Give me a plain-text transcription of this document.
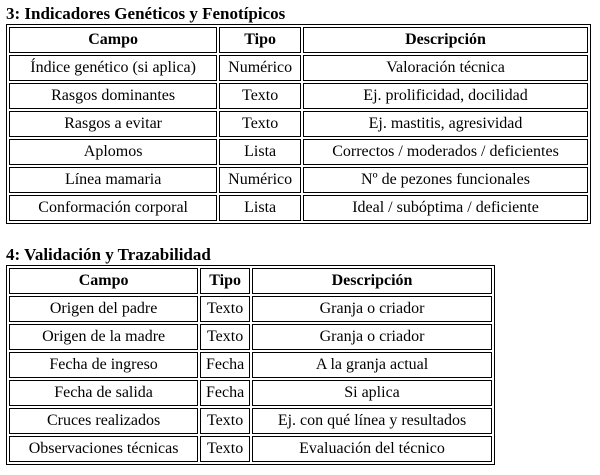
3: Indicadores Genéticos y Fenotípicos
Campo	Tipo	Descripción
Índice genético (si aplica)	Numérico	Valoración técnica
Rasgos dominantes	Texto	Ej. prolificidad, docilidad
Rasgos a evitar	Texto	Ej. mastitis, agresividad
Aplomos	Lista	Correctos / moderados / deficientes
Línea mamaria	Numérico	Nº de pezones funcionales
Conformación corporal	Lista	Ideal / subóptima / deficiente
4: Validación y Trazabilidad
Campo	Tipo	Descripción
Origen del padre	Texto	Granja o criador
Origen de la madre	Texto	Granja o criador
Fecha de ingreso	Fecha	A la granja actual
Fecha de salida	Fecha	Si aplica
Cruces realizados	Texto	Ej. con qué línea y resultados
Observaciones técnicas	Texto	Evaluación del técnico
